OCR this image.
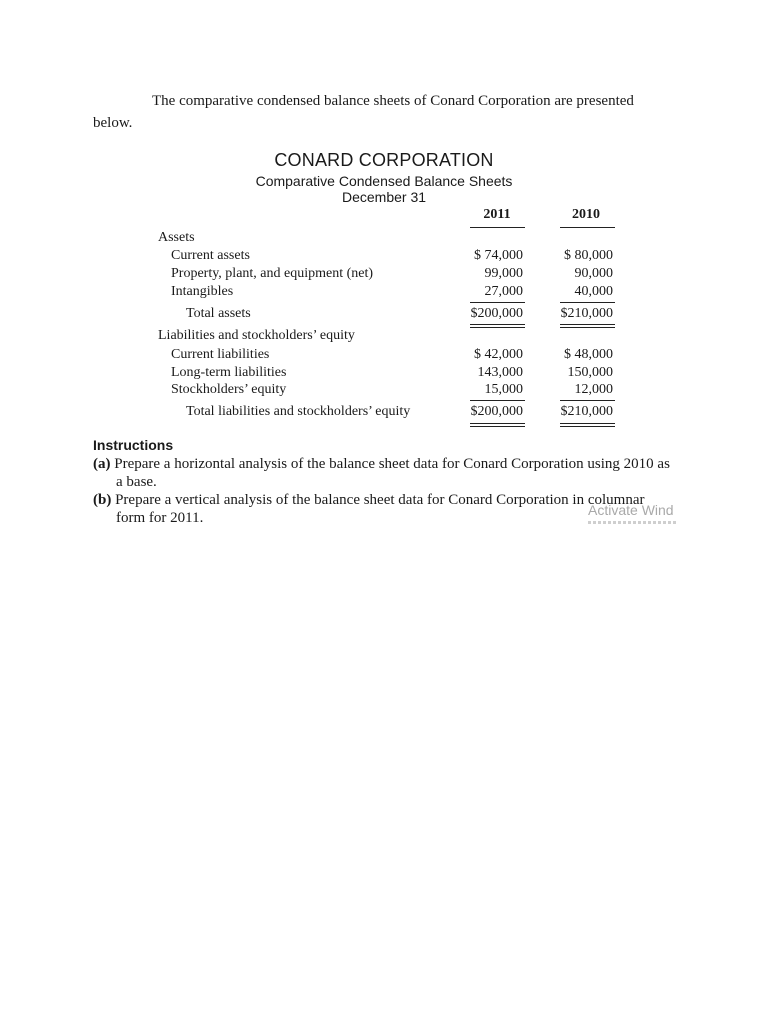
The comparative condensed balance sheets of Conard Corporation are presented
below.
CONARD CORPORATION
Comparative Condensed Balance Sheets
December 31
2011	2010
Assets
Current assets	$ 74,000	$ 80,000
Property, plant, and equipment (net)	99,000	90,000
Intangibles	27,000	40,000
Total assets	$200,000	$210,000
Liabilities and stockholders’ equity
Current liabilities	$ 42,000	$ 48,000
Long-term liabilities	143,000	150,000
Stockholders’ equity	15,000	12,000
Total liabilities and stockholders’ equity	$200,000	$210,000
Instructions
(a) Prepare a horizontal analysis of the balance sheet data for Conard Corporation using 2010 as
a base.
(b) Prepare a vertical analysis of the balance sheet data for Conard Corporation in columnar
form for 2011.	Activate Wind
